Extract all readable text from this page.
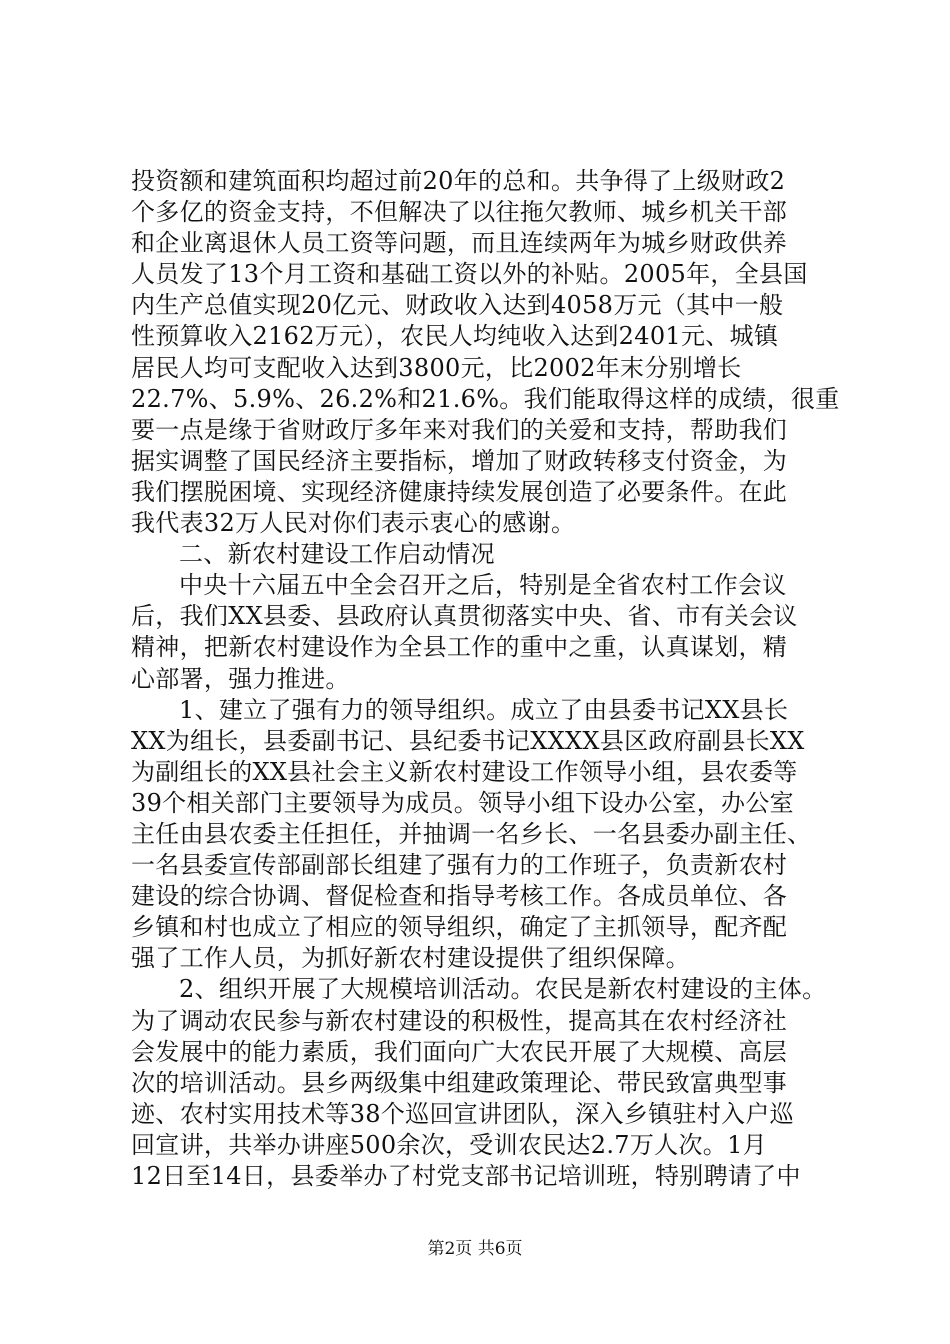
投资额和建筑面积均超过前20年的总和。共争得了上级财政2
个多亿的资金支持，不但解决了以往拖欠教师、城乡机关干部
和企业离退休人员工资等问题，而且连续两年为城乡财政供养
人员发了13个月工资和基础工资以外的补贴。2005年，全县国
内生产总值实现20亿元、财政收入达到4058万元（其中一般
性预算收入2162万元），农民人均纯收入达到2401元、城镇
居民人均可支配收入达到3800元，比2002年末分别增长
22.7%、5.9%、26.2%和21.6%。我们能取得这样的成绩，很重
要一点是缘于省财政厅多年来对我们的关爱和支持，帮助我们
据实调整了国民经济主要指标，增加了财政转移支付资金，为
我们摆脱困境、实现经济健康持续发展创造了必要条件。在此
我代表32万人民对你们表示衷心的感谢。
二、新农村建设工作启动情况
中央十六届五中全会召开之后，特别是全省农村工作会议
后，我们XX县委、县政府认真贯彻落实中央、省、市有关会议
精神，把新农村建设作为全县工作的重中之重，认真谋划，精
心部署，强力推进。
1、建立了强有力的领导组织。成立了由县委书记XX县长
XX为组长，县委副书记、县纪委书记XXXX县区政府副县长XX
为副组长的XX县社会主义新农村建设工作领导小组，县农委等
39个相关部门主要领导为成员。领导小组下设办公室，办公室
主任由县农委主任担任，并抽调一名乡长、一名县委办副主任、
一名县委宣传部副部长组建了强有力的工作班子，负责新农村
建设的综合协调、督促检查和指导考核工作。各成员单位、各
乡镇和村也成立了相应的领导组织，确定了主抓领导，配齐配
强了工作人员，为抓好新农村建设提供了组织保障。
2、组织开展了大规模培训活动。农民是新农村建设的主体。
为了调动农民参与新农村建设的积极性，提高其在农村经济社
会发展中的能力素质，我们面向广大农民开展了大规模、高层
次的培训活动。县乡两级集中组建政策理论、带民致富典型事
迹、农村实用技术等38个巡回宣讲团队，深入乡镇驻村入户巡
回宣讲，共举办讲座500余次，受训农民达2.7万人次。1月
12日至14日，县委举办了村党支部书记培训班，特别聘请了中
第2页 共6页
